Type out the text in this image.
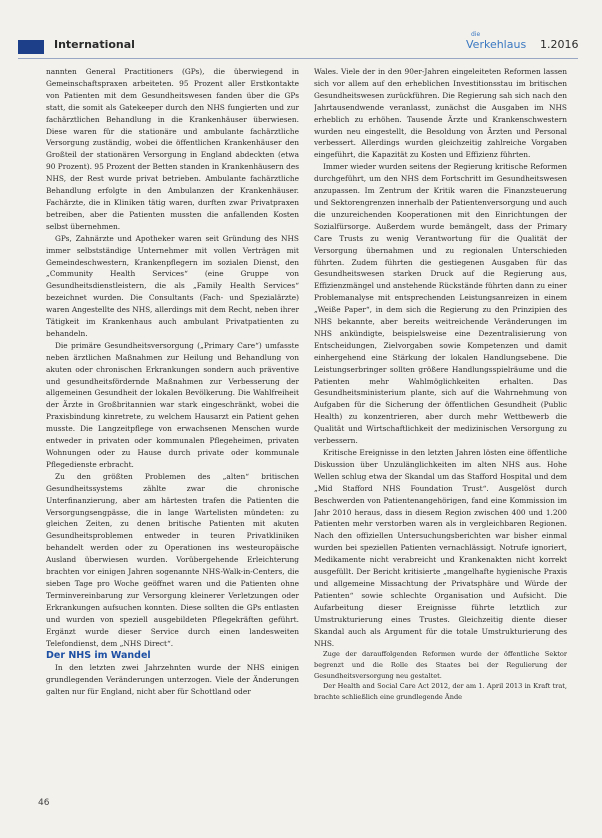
International
die
Verkehlaus 1.2016

nannten General Practitioners (GPs), die überwiegend in Gemeinschaftspraxen arbeiteten. 95 Prozent aller Erstkontakte von Patienten mit dem Gesundheitswesen fanden über die GPs statt, die somit als Gatekeeper durch den NHS fungierten und zur fachärztlichen Behandlung in die Krankenhäuser überwiesen. Diese waren für die stationäre und ambulante fachärztliche Versorgung zuständig, wobei die öffentlichen Krankenhäuser den Großteil der stationären Versorgung in England abdeckten (etwa 90 Prozent). 95 Prozent der Betten standen in Krankenhäusern des NHS, der Rest wurde privat betrieben. Ambulante fachärztliche Behandlung erfolgte in den Ambulanzen der Krankenhäuser. Fachärzte, die in Kliniken tätig waren, durften zwar Privatpraxen betreiben, aber die Patienten mussten die anfallenden Kosten selbst übernehmen.

GPs, Zahnärzte und Apotheker waren seit Gründung des NHS immer selbstständige Unternehmer mit vollen Verträgen mit Gemeindeschwestern, Krankenpflegern im sozialen Dienst, den „Community Health Services“ (eine Gruppe von Gesundheitsdienstleistern, die als „Family Health Services“ bezeichnet wurden. Die Consultants (Fach- und Spezialärzte) waren Angestellte des NHS, allerdings mit dem Recht, neben ihrer Tätigkeit im Krankenhaus auch ambulant Privatpatienten zu behandeln.

Die primäre Gesundheitsversorgung („Primary Care“) umfasste neben ärztlichen Maßnahmen zur Heilung und Behandlung von akuten oder chronischen Erkrankungen sondern auch präventive und gesundheitsfördernde Maßnahmen zur Verbesserung der allgemeinen Gesundheit der lokalen Bevölkerung. Die Wahlfreiheit der Ärzte in Großbritannien war stark eingeschränkt, wobei die Praxisbindung kinretrete, zu welchem Hausarzt ein Patient gehen musste. Die Langzeitpflege von erwachsenen Menschen wurde entweder in privaten oder kommunalen Pflegeheimen, privaten Wohnungen oder zu Hause durch private oder kommunale Pflegedienste erbracht.

Zu den größten Problemen des „alten“ britischen Gesundheitssystems zählte zwar die chronische Unterfinanzierung, aber am härtesten trafen die Patienten die Versorgungsengpässe, die in lange Wartelisten mündeten: zu gleichen Zeiten, zu denen britische Patienten mit akuten Gesundheitsproblemen entweder in teuren Privatkliniken behandelt werden oder zu Operationen ins westeuropäische Ausland überwiesen wurden. Vorübergehende Erleichterung brachten vor einigen Jahren sogenannte NHS-Walk-in-Centers, die sieben Tage pro Woche geöffnet waren und die Patienten ohne Terminvereinbarung zur Versorgung kleinerer Verletzungen oder Erkrankungen aufsuchen konnten. Diese sollten die GPs entlasten und wurden von speziell ausgebildeten Pflegekräften geführt. Ergänzt wurde dieser Service durch einen landesweiten Telefondienst, dem „NHS Direct“.

Der NHS im Wandel

In den letzten zwei Jahrzehnten wurde der NHS einigen grundlegenden Veränderungen unterzogen. Viele der Änderungen galten nur für England, nicht aber für Schottland oder

Wales. Viele der in den 90er-Jahren eingeleiteten Reformen lassen sich vor allem auf den erheblichen Investitionsstau im britischen Gesundheitswesen zurückführen. Die Regierung sah sich nach den Jahrtausendwende veranlasst, zunächst die Ausgaben im NHS erheblich zu erhöhen. Tausende Ärzte und Krankenschwestern wurden neu eingestellt, die Besoldung von Ärzten und Personal verbessert. Allerdings wurden gleichzeitig zahlreiche Vorgaben eingeführt, die Kapazität zu Kosten und Effizienz führten.

Immer wieder wurden seitens der Regierung kritische Reformen durchgeführt, um den NHS dem Fortschritt im Gesundheitswesen anzupassen. Im Zentrum der Kritik waren die Finanzsteuerung und Sektorengrenzen innerhalb der Patientenversorgung und auch die unzureichenden Kooperationen mit den Einrichtungen der Sozialfürsorge. Außerdem wurde bemängelt, dass der Primary Care Trusts zu wenig Verantwortung für die Qualität der Versorgung übernahmen und zu regionalen Unterschieden führten. Zudem führten die gestiegenen Ausgaben für das Gesundheitswesen starken Druck auf die Regierung aus, Effizienzmängel und anstehende Rückstände führten dann zu einer Problemanalyse mit entsprechenden Leistungsanreizen in einem „Weiße Paper“, in dem sich die Regierung zu den Prinzipien des NHS bekannte, aber bereits weitreichende Veränderungen im NHS ankündigte, beispielsweise eine Dezentralisierung von Entscheidungen, Zielvorgaben sowie Kompetenzen und damit einhergehend eine Stärkung der lokalen Handlungsebene. Die Leistungserbringer sollten größere Handlungsspielräume und die Patienten mehr Wahlmöglichkeiten erhalten. Das Gesundheitsministerium plante, sich auf die Wahrnehmung von Aufgaben für die Sicherung der öffentlichen Gesundheit (Public Health) zu konzentrieren, aber durch mehr Wettbewerb die Qualität und Wirtschaftlichkeit der medizinischen Versorgung zu verbessern.

Kritische Ereignisse in den letzten Jahren lösten eine öffentliche Diskussion über Unzulänglichkeiten im alten NHS aus. Hohe Wellen schlug etwa der Skandal um das Stafford Hospital und dem „Mid Stafford NHS Foundation Trust“. Ausgelöst durch Beschwerden von Patientenangehörigen, fand eine Kommission im Jahr 2010 heraus, dass in diesem Region zwischen 400 und 1.200 Patienten mehr verstorben waren als in vergleichbaren Regionen. Nach den offiziellen Untersuchungsberichten war bisher einmal wurden bei speziellen Patienten vernachlässigt. Notrufe ignoriert, Medikamente nicht verabreicht und Krankenakten nicht korrekt ausgefüllt. Der Bericht kritisierte „mangelhafte hygienische Praxis und allgemeine Missachtung der Privatsphäre und Würde der Patienten“ sowie schlechte Organisation und Aufsicht. Die Aufarbeitung dieser Ereignisse führte letztlich zur Umstrukturierung eines Trustes. Gleichzeitig diente dieser Skandal auch als Argument für die totale Umstrukturierung des NHS.

Zuge der darauffolgenden Reformen wurde der öffentliche Sektor begrenzt und die Rolle des Staates bei der Regulierung der Gesundheitsversorgung neu gestaltet.

Der Health and Social Care Act 2012, der am 1. April 2013 in Kraft trat, brachte schließlich eine grundlegende Ände

46
